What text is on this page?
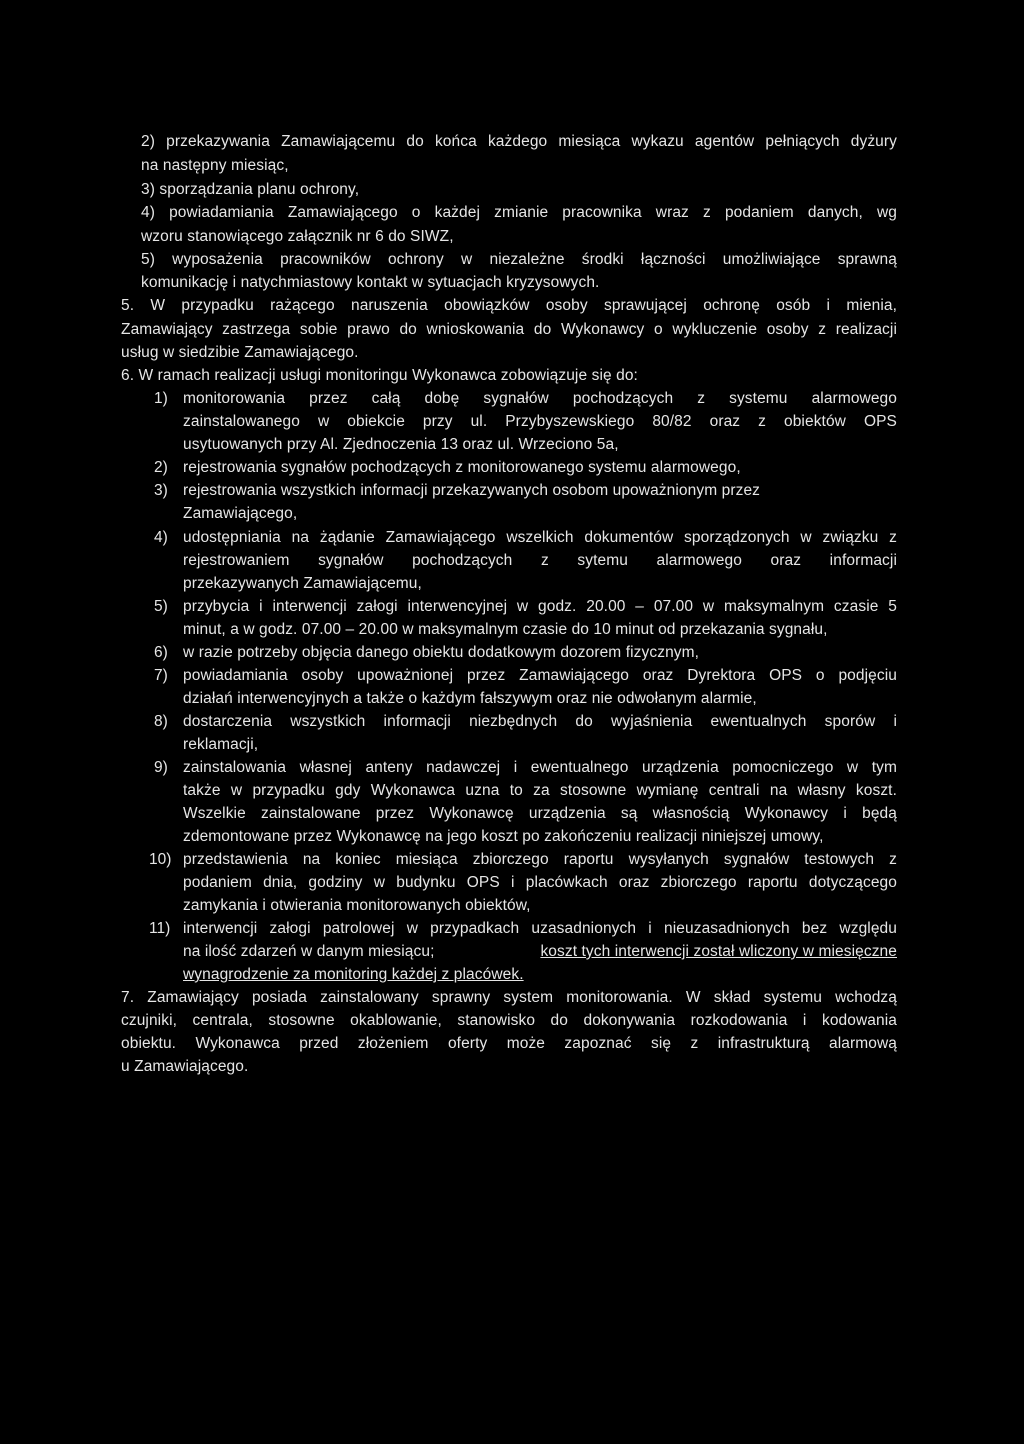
2) przekazywania Zamawiającemu do końca każdego miesiąca wykazu agentów pełniących dyżury
na następny miesiąc,
3) sporządzania planu ochrony,
4) powiadamiania Zamawiającego o każdej zmianie pracownika wraz z podaniem danych, wg
wzoru stanowiącego załącznik nr 6 do SIWZ,
5) wyposażenia pracowników ochrony w niezależne środki łączności umożliwiające sprawną
komunikację i natychmiastowy kontakt w sytuacjach kryzysowych.
5. W przypadku rażącego naruszenia obowiązków osoby sprawującej ochronę osób i mienia,
Zamawiający zastrzega sobie prawo do wnioskowania do Wykonawcy o wykluczenie osoby z realizacji
usług w siedzibie Zamawiającego.
6. W ramach realizacji usługi monitoringu Wykonawca zobowiązuje się do:
1) monitorowania przez całą dobę sygnałów pochodzących z systemu alarmowego
zainstalowanego w obiekcie przy ul. Przybyszewskiego 80/82 oraz z obiektów OPS
usytuowanych przy Al. Zjednoczenia 13 oraz ul. Wrzeciono 5a,
2) rejestrowania sygnałów pochodzących z monitorowanego systemu alarmowego,
3) rejestrowania wszystkich informacji przekazywanych osobom upoważnionym przez
Zamawiającego,
4) udostępniania na żądanie Zamawiającego wszelkich dokumentów sporządzonych w związku z
rejestrowaniem sygnałów pochodzących z sytemu alarmowego oraz informacji
przekazywanych Zamawiającemu,
5) przybycia i interwencji załogi interwencyjnej w godz. 20.00 – 07.00 w maksymalnym czasie 5
minut, a w godz. 07.00 – 20.00 w maksymalnym czasie do 10 minut od przekazania sygnału,
6) w razie potrzeby objęcia danego obiektu dodatkowym dozorem fizycznym,
7) powiadamiania osoby upoważnionej przez Zamawiającego oraz Dyrektora OPS o podjęciu
działań interwencyjnych a także o każdym fałszywym oraz nie odwołanym alarmie,
8) dostarczenia wszystkich informacji niezbędnych do wyjaśnienia ewentualnych sporów i
reklamacji,
9) zainstalowania własnej anteny nadawczej i ewentualnego urządzenia pomocniczego w tym
także w przypadku gdy Wykonawca uzna to za stosowne wymianę centrali na własny koszt.
Wszelkie zainstalowane przez Wykonawcę urządzenia są własnością Wykonawcy i będą
zdemontowane przez Wykonawcę na jego koszt po zakończeniu realizacji niniejszej umowy,
10) przedstawienia na koniec miesiąca zbiorczego raportu wysyłanych sygnałów testowych z
podaniem dnia, godziny w budynku OPS i placówkach oraz zbiorczego raportu dotyczącego
zamykania i otwierania monitorowanych obiektów,
11) interwencji załogi patrolowej w przypadkach uzasadnionych i nieuzasadnionych bez względu
na ilość zdarzeń w danym miesiącu;	koszt tych interwencji został wliczony w miesięczne
wynagrodzenie za monitoring każdej z placówek.
7. Zamawiający posiada zainstalowany sprawny system monitorowania. W skład systemu wchodzą
czujniki, centrala, stosowne okablowanie, stanowisko do dokonywania rozkodowania i kodowania
obiektu. Wykonawca przed złożeniem oferty może zapoznać się z infrastrukturą alarmową
u Zamawiającego.
